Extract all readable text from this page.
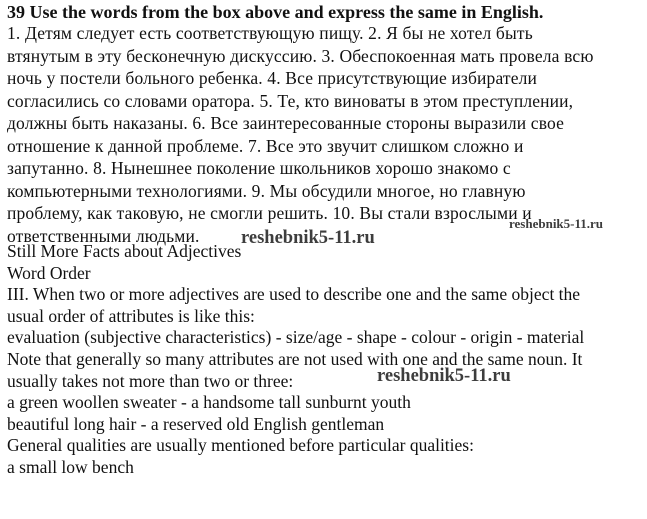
39 Use the words from the box above and express the same in English.
1. Детям следует есть соответствующую пищу. 2. Я бы не хотел быть
втянутым в эту бесконечную дискуссию. 3. Обеспокоенная мать провела всю
ночь у постели больного ребенка. 4. Все присутствующие избиратели
согласились со словами оратора. 5. Те, кто виноваты в этом преступлении,
должны быть наказаны. 6. Все заинтересованные стороны выразили свое
отношение к данной проблеме. 7. Все это звучит слишком сложно и
запутанно. 8. Нынешнее поколение школьников хорошо знакомо с
компьютерными технологиями. 9. Мы обсудили многое, но главную
проблему, как таковую, не смогли решить. 10. Вы стали взрослыми и
ответственными людьми.
Still More Facts about Adjectives
Word Order
III. When two or more adjectives are used to describe one and the same object the
usual order of attributes is like this:
evaluation (subjective characteristics) - size/age - shape - colour - origin - material
Note that generally so many attributes are not used with one and the same noun. It
usually takes not more than two or three:
a green woollen sweater - a handsome tall sunburnt youth
beautiful long hair - a reserved old English gentleman
General qualities are usually mentioned before particular qualities:
a small low bench
reshebnik5-11.ru
reshebnik5-11.ru
reshebnik5-11.ru
